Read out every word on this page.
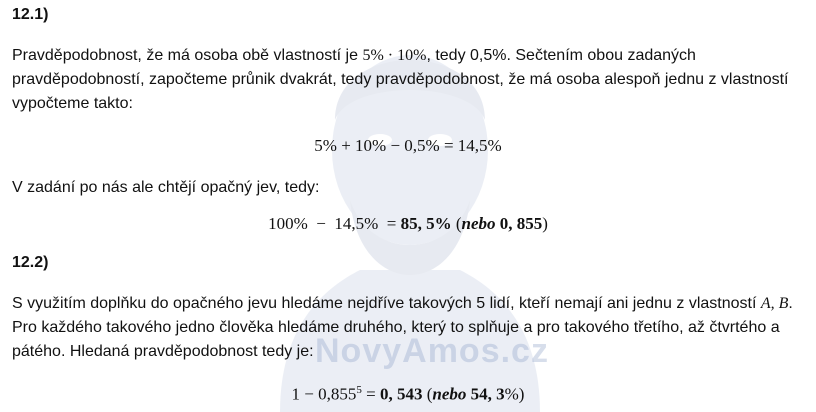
NovyAmos.cz
12.1)
Pravděpodobnost, že má osoba obě vlastností je 5% · 10%, tedy 0,5%. Sečtením obou zadaných pravděpodobností, započteme průnik dvakrát, tedy pravděpodobnost, že má osoba alespoň jednu z vlastností vypočteme takto:
5% + 10% − 0,5% = 14,5%
V zadání po nás ale chtějí opačný jev, tedy:
100%  −  14,5%  = 85, 5% (nebo 0, 855)
12.2)
S využitím doplňku do opačného jevu hledáme nejdříve takových 5 lidí, kteří nemají ani jednu z vlastností A, B. Pro každého takového jedno člověka hledáme druhého, který to splňuje a pro takového třetího, až čtvrtého a pátého. Hledaná pravděpodobnost tedy je:
$1 - 0,855^5 = 0$, 543 (nebo 54, 3%)
